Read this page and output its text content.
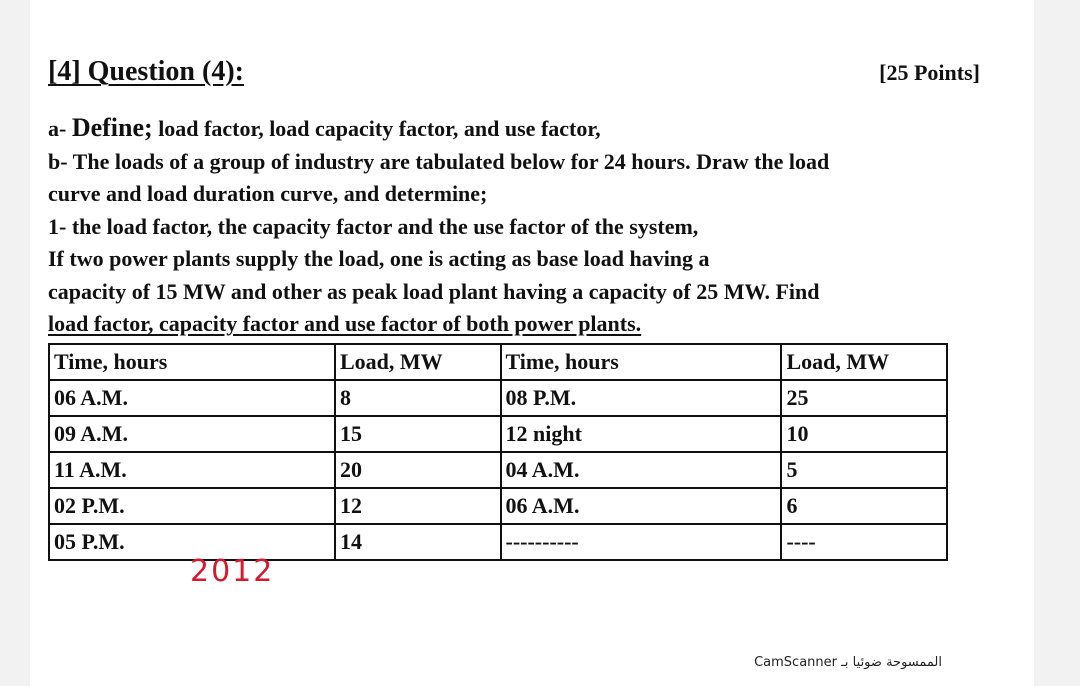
[4] Question (4):	[25 Points]
a- Define; load factor, load capacity factor, and use factor,
b- The loads of a group of industry are tabulated below for 24 hours. Draw the load
curve and load duration curve, and determine;
1- the load factor, the capacity factor and the use factor of the system,
If two power plants supply the load, one is acting as base load having a
capacity of 15 MW and other as peak load plant having a capacity of 25 MW. Find
load factor, capacity factor and use factor of both power plants.
Time, hours	Load, MW	Time, hours	Load, MW
06 A.M.	8	08 P.M.	25
09 A.M.	15	12 night	10
11 A.M.	20	04 A.M.	5
02 P.M.	12	06 A.M.	6
05 P.M.	14	----------	----
2012
CamScanner الممسوحة ضوئيا بـ
